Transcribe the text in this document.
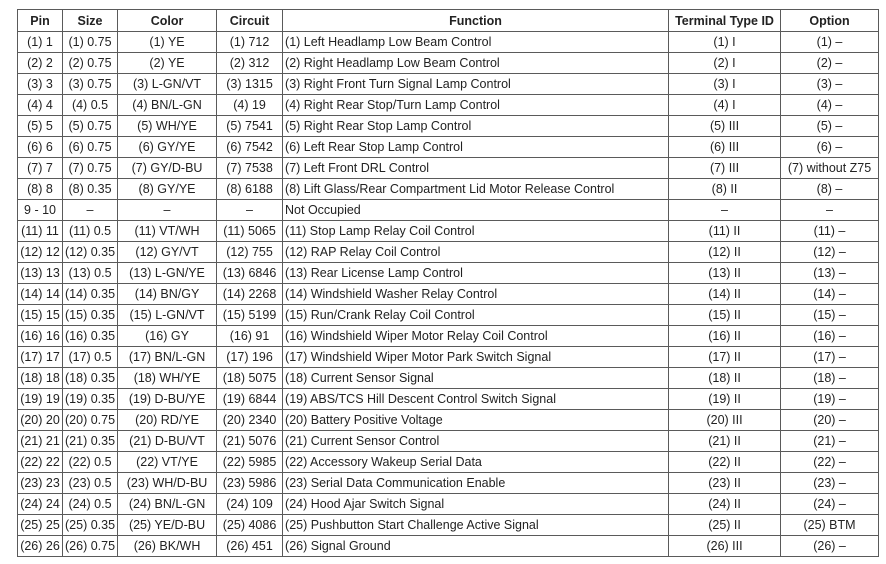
Pin	Size	Color	Circuit	Function	Terminal Type ID	Option
(1) 1	(1) 0.75	(1) YE	(1) 712	(1) Left Headlamp Low Beam Control	(1) I	(1) –
(2) 2	(2) 0.75	(2) YE	(2) 312	(2) Right Headlamp Low Beam Control	(2) I	(2) –
(3) 3	(3) 0.75	(3) L-GN/VT	(3) 1315	(3) Right Front Turn Signal Lamp Control	(3) I	(3) –
(4) 4	(4) 0.5	(4) BN/L-GN	(4) 19	(4) Right Rear Stop/Turn Lamp Control	(4) I	(4) –
(5) 5	(5) 0.75	(5) WH/YE	(5) 7541	(5) Right Rear Stop Lamp Control	(5) III	(5) –
(6) 6	(6) 0.75	(6) GY/YE	(6) 7542	(6) Left Rear Stop Lamp Control	(6) III	(6) –
(7) 7	(7) 0.75	(7) GY/D-BU	(7) 7538	(7) Left Front DRL Control	(7) III	(7) without Z75
(8) 8	(8) 0.35	(8) GY/YE	(8) 6188	(8) Lift Glass/Rear Compartment Lid Motor Release Control	(8) II	(8) –
9 - 10	–	–	–	Not Occupied	–	–
(11) 11	(11) 0.5	(11) VT/WH	(11) 5065	(11) Stop Lamp Relay Coil Control	(11) II	(11) –
(12) 12	(12) 0.35	(12) GY/VT	(12) 755	(12) RAP Relay Coil Control	(12) II	(12) –
(13) 13	(13) 0.5	(13) L-GN/YE	(13) 6846	(13) Rear License Lamp Control	(13) II	(13) –
(14) 14	(14) 0.35	(14) BN/GY	(14) 2268	(14) Windshield Washer Relay Control	(14) II	(14) –
(15) 15	(15) 0.35	(15) L-GN/VT	(15) 5199	(15) Run/Crank Relay Coil Control	(15) II	(15) –
(16) 16	(16) 0.35	(16) GY	(16) 91	(16) Windshield Wiper Motor Relay Coil Control	(16) II	(16) –
(17) 17	(17) 0.5	(17) BN/L-GN	(17) 196	(17) Windshield Wiper Motor Park Switch Signal	(17) II	(17) –
(18) 18	(18) 0.35	(18) WH/YE	(18) 5075	(18) Current Sensor Signal	(18) II	(18) –
(19) 19	(19) 0.35	(19) D-BU/YE	(19) 6844	(19) ABS/TCS Hill Descent Control Switch Signal	(19) II	(19) –
(20) 20	(20) 0.75	(20) RD/YE	(20) 2340	(20) Battery Positive Voltage	(20) III	(20) –
(21) 21	(21) 0.35	(21) D-BU/VT	(21) 5076	(21) Current Sensor Control	(21) II	(21) –
(22) 22	(22) 0.5	(22) VT/YE	(22) 5985	(22) Accessory Wakeup Serial Data	(22) II	(22) –
(23) 23	(23) 0.5	(23) WH/D-BU	(23) 5986	(23) Serial Data Communication Enable	(23) II	(23) –
(24) 24	(24) 0.5	(24) BN/L-GN	(24) 109	(24) Hood Ajar Switch Signal	(24) II	(24) –
(25) 25	(25) 0.35	(25) YE/D-BU	(25) 4086	(25) Pushbutton Start Challenge Active Signal	(25) II	(25) BTM
(26) 26	(26) 0.75	(26) BK/WH	(26) 451	(26) Signal Ground	(26) III	(26) –
